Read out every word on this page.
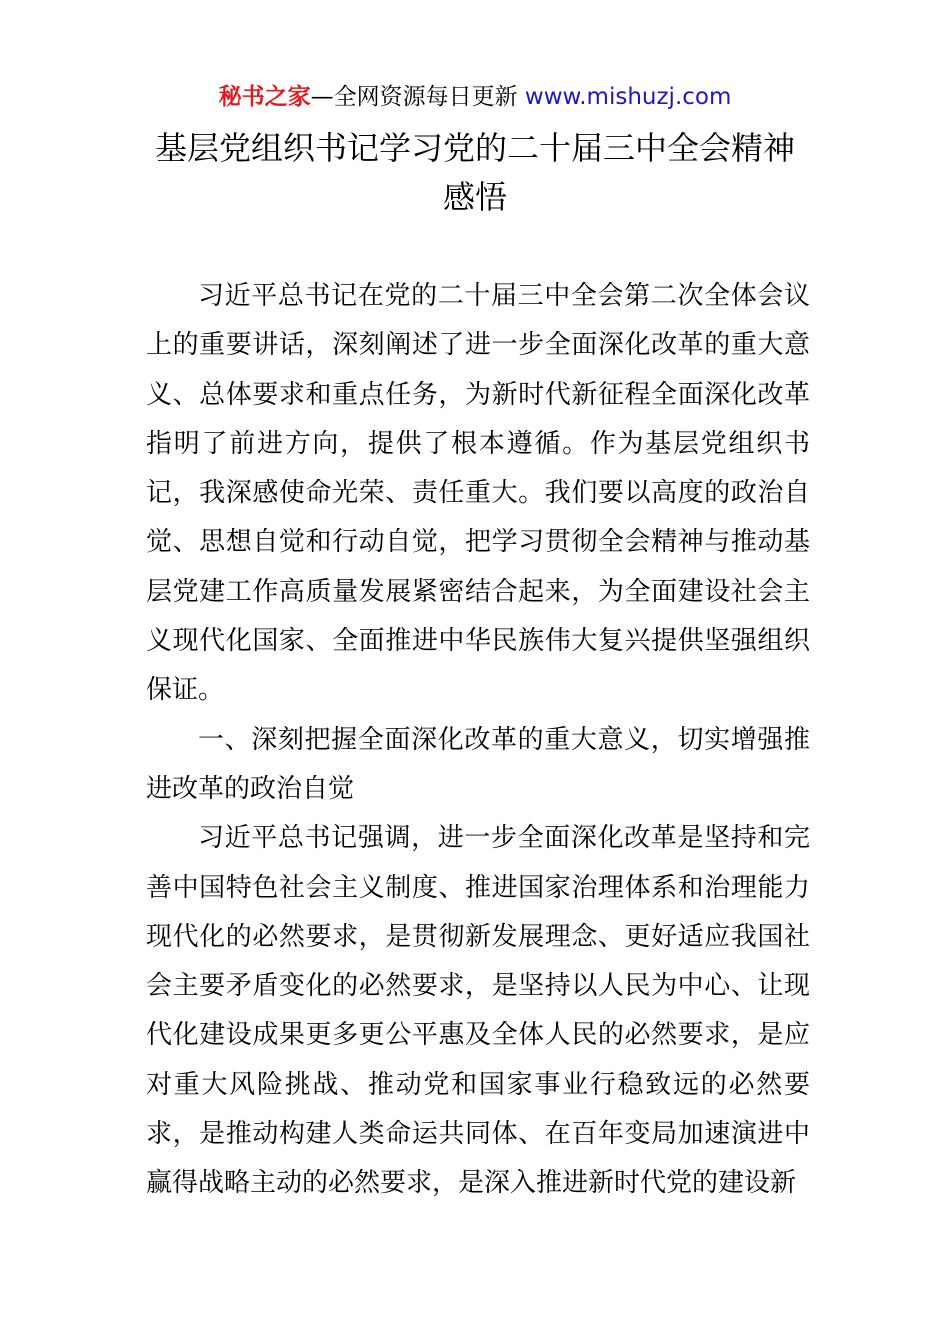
秘书之家—全网资源每日更新 www.mishuzj.com
基层党组织书记学习党的二十届三中全会精神感悟

习近平总书记在党的二十届三中全会第二次全体会议上的重要讲话，深刻阐述了进一步全面深化改革的重大意义、总体要求和重点任务，为新时代新征程全面深化改革指明了前进方向，提供了根本遵循。作为基层党组织书记，我深感使命光荣、责任重大。我们要以高度的政治自觉、思想自觉和行动自觉，把学习贯彻全会精神与推动基层党建工作高质量发展紧密结合起来，为全面建设社会主义现代化国家、全面推进中华民族伟大复兴提供坚强组织保证。

一、深刻把握全面深化改革的重大意义，切实增强推进改革的政治自觉

习近平总书记强调，进一步全面深化改革是坚持和完善中国特色社会主义制度、推进国家治理体系和治理能力现代化的必然要求，是贯彻新发展理念、更好适应我国社会主要矛盾变化的必然要求，是坚持以人民为中心、让现代化建设成果更多更公平惠及全体人民的必然要求，是应对重大风险挑战、推动党和国家事业行稳致远的必然要求，是推动构建人类命运共同体、在百年变局加速演进中赢得战略主动的必然要求，是深入推进新时代党的建设新
